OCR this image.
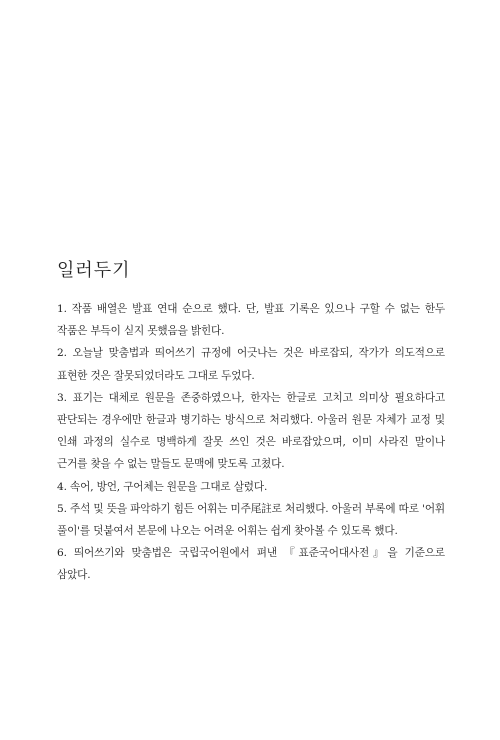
일러두기

1. 작품 배열은 발표 연대 순으로 했다. 단, 발표 기록은 있으나 구할 수 없는 한두 작품은 부득이 싣지 못했음을 밝힌다.

2. 오늘날 맞춤법과 띄어쓰기 규정에 어긋나는 것은 바로잡되, 작가가 의도적으로 표현한 것은 잘못되었더라도 그대로 두었다.

3. 표기는 대체로 원문을 존중하였으나, 한자는 한글로 고치고 의미상 필요하다고 판단되는 경우에만 한글과 병기하는 방식으로 처리했다. 아울러 원문 자체가 교정 및 인쇄 과정의 실수로 명백하게 잘못 쓰인 것은 바로잡았으며, 이미 사라진 말이나 근거를 찾을 수 없는 말들도 문맥에 맞도록 고쳤다.

4. 속어, 방언, 구어체는 원문을 그대로 살렸다.

5. 주석 및 뜻을 파악하기 힘든 어휘는 미주尾註로 처리했다. 아울러 부록에 따로 '어휘 풀이'를 덧붙여서 본문에 나오는 어려운 어휘는 쉽게 찾아볼 수 있도록 했다.

6. 띄어쓰기와 맞춤법은 국립국어원에서 펴낸 『표준국어대사전』을 기준으로 삼았다.
